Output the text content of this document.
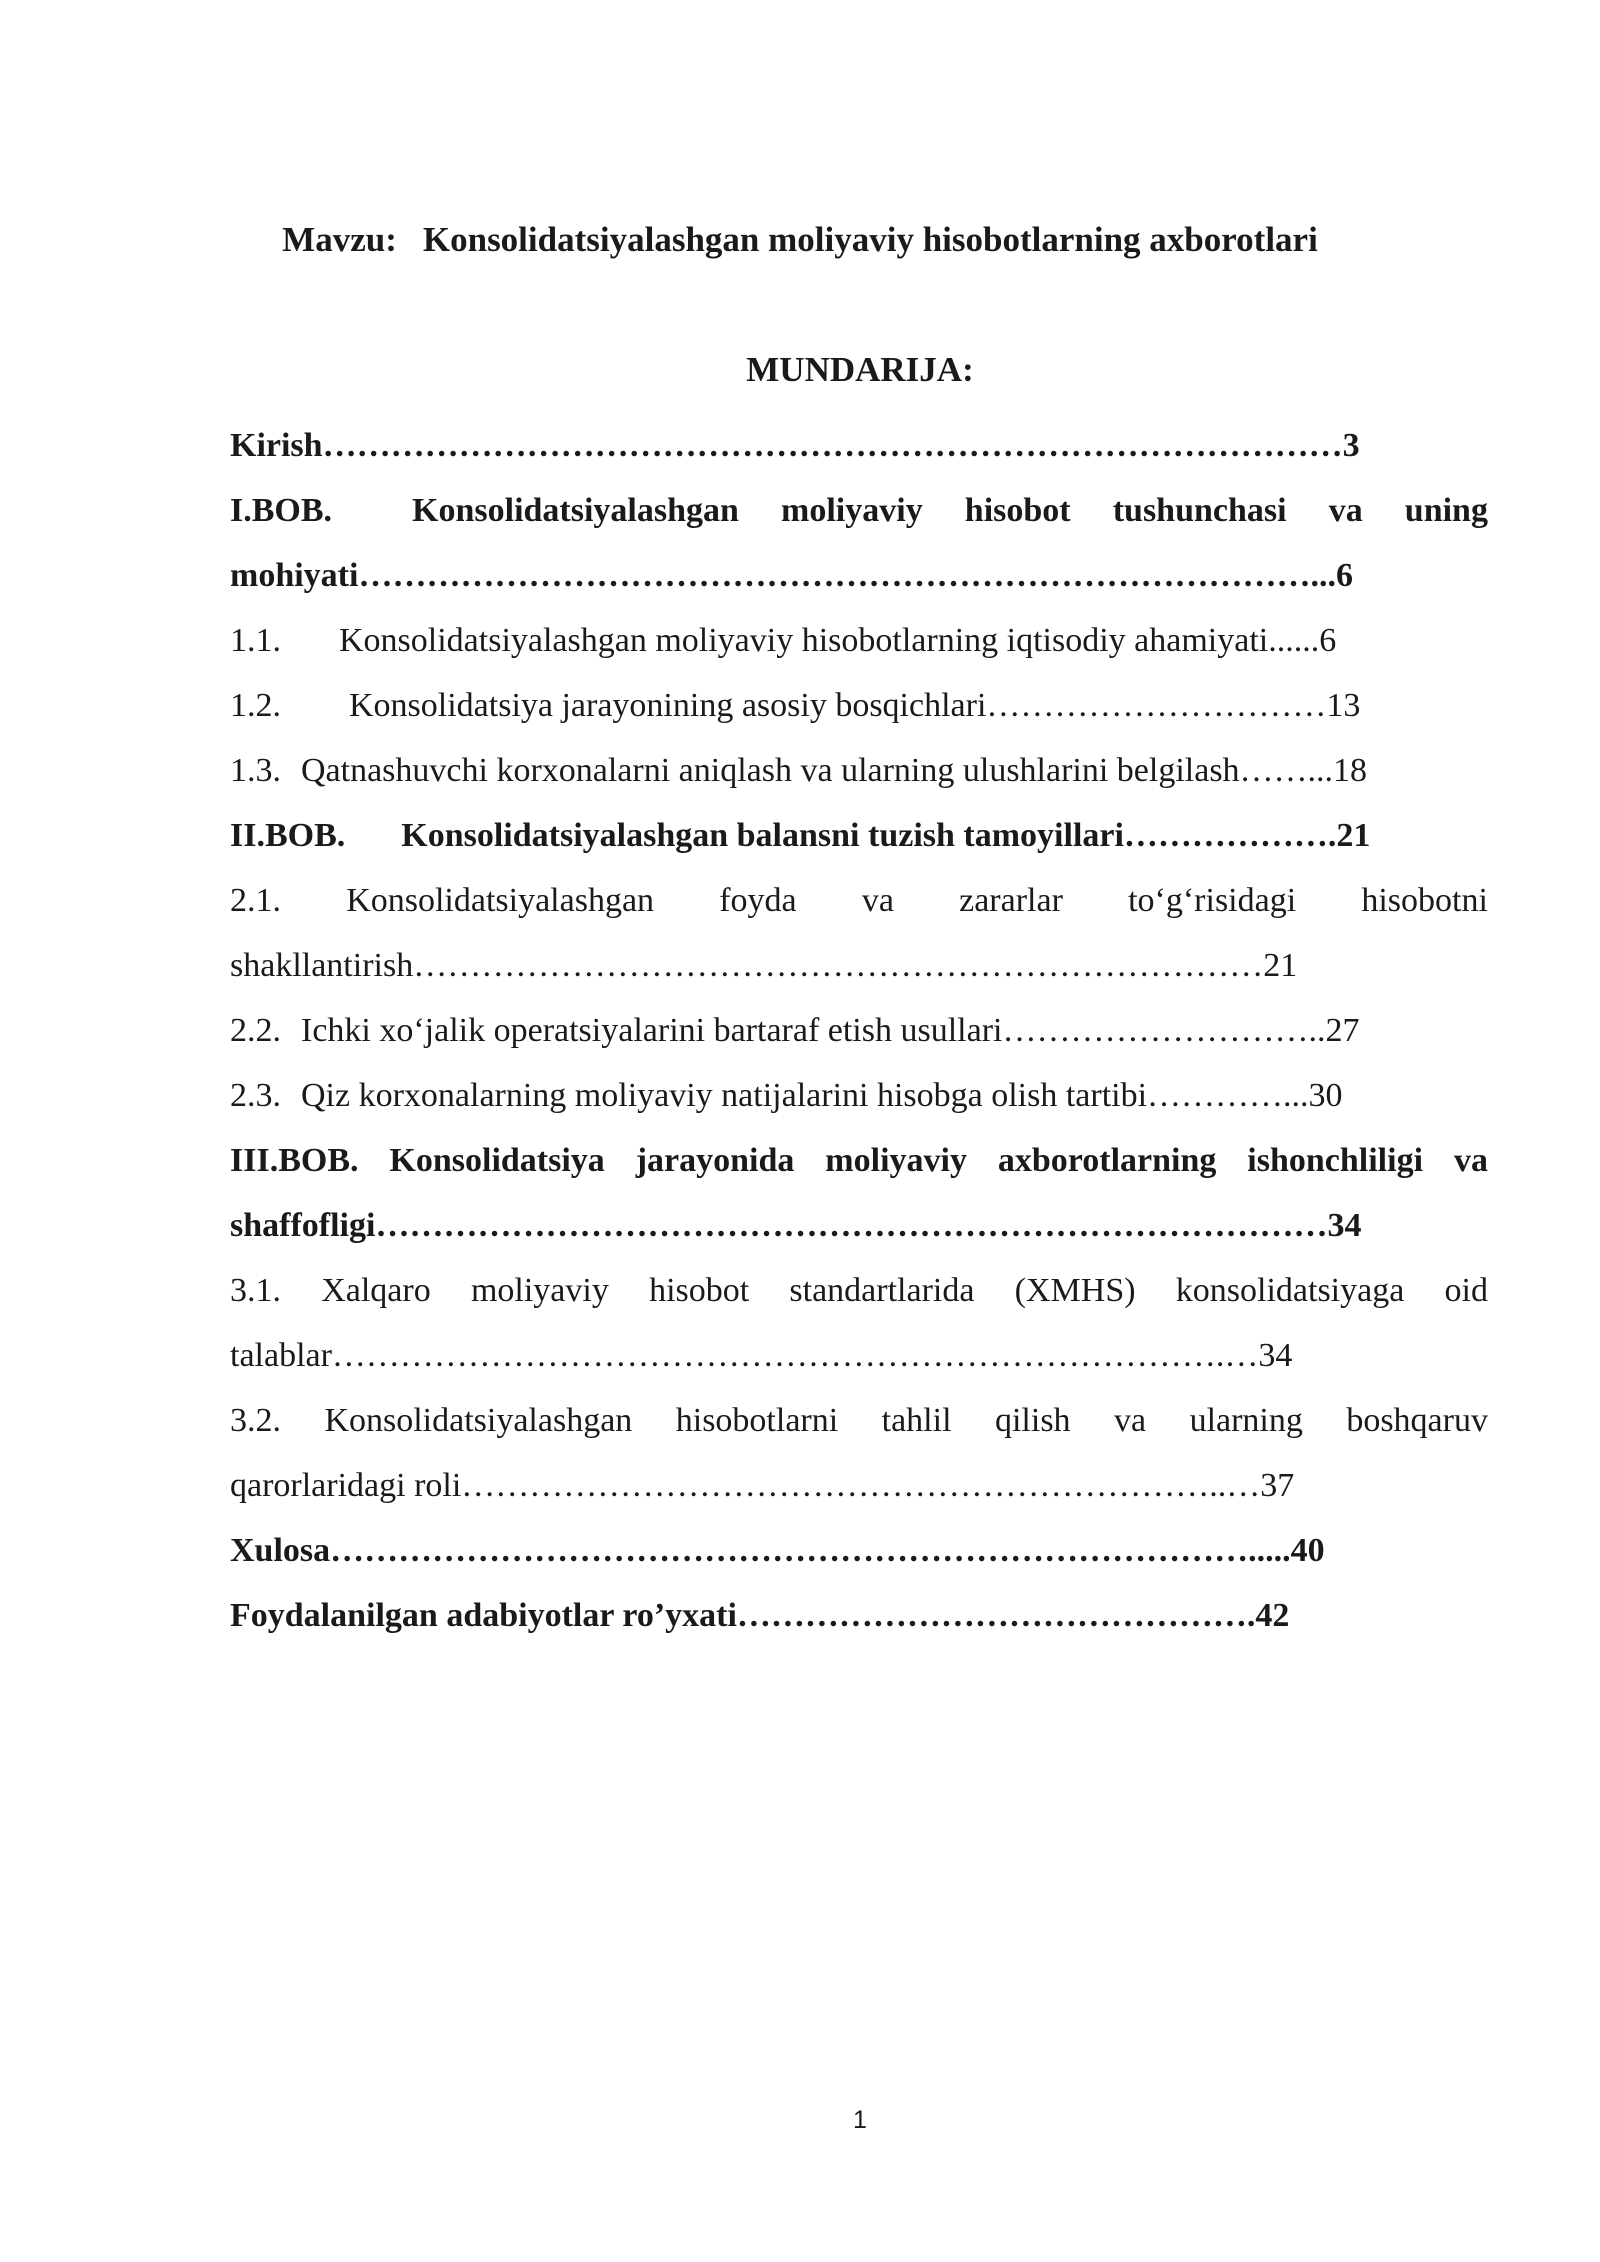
Mavzu: Konsolidatsiyalashgan moliyaviy hisobotlarning axborotlari
MUNDARIJA:
Kirish………………………………………………………………………………3
I.BOB. Konsolidatsiyalashgan moliyaviy hisobot tushunchasi va uning
mohiyati…………………………………………………………………………...6
1.1. Konsolidatsiyalashgan moliyaviy hisobotlarning iqtisodiy ahamiyati......6
1.2. Konsolidatsiya jarayonining asosiy bosqichlari…………………………13
1.3. Qatnashuvchi korxonalarni aniqlash va ularning ulushlarini belgilash……...18
II.BOB. Konsolidatsiyalashgan balansni tuzish tamoyillari……………….21
2.1. Konsolidatsiyalashgan foyda va zararlar to‘g‘risidagi hisobotni
shakllantirish…………………………………………………………………21
2.2. Ichki xo‘jalik operatsiyalarini bartaraf etish usullari………………………..27
2.3. Qiz korxonalarning moliyaviy natijalarini hisobga olish tartibi…………...30
III.BOB. Konsolidatsiya jarayonida moliyaviy axborotlarning ishonchliligi va
shaffofligi…………………………………………………………………………34
3.1. Xalqaro moliyaviy hisobot standartlarida (XMHS) konsolidatsiyaga oid
talablar…………………………………………………………………….…34
3.2. Konsolidatsiyalashgan hisobotlarni tahlil qilish va ularning boshqaruv
qarorlaridagi roli…………………………………………………………..…37
Xulosa……………………………………………………………………….....40
Foydalanilgan adabiyotlar ro’yxati……………………………………….42
1
